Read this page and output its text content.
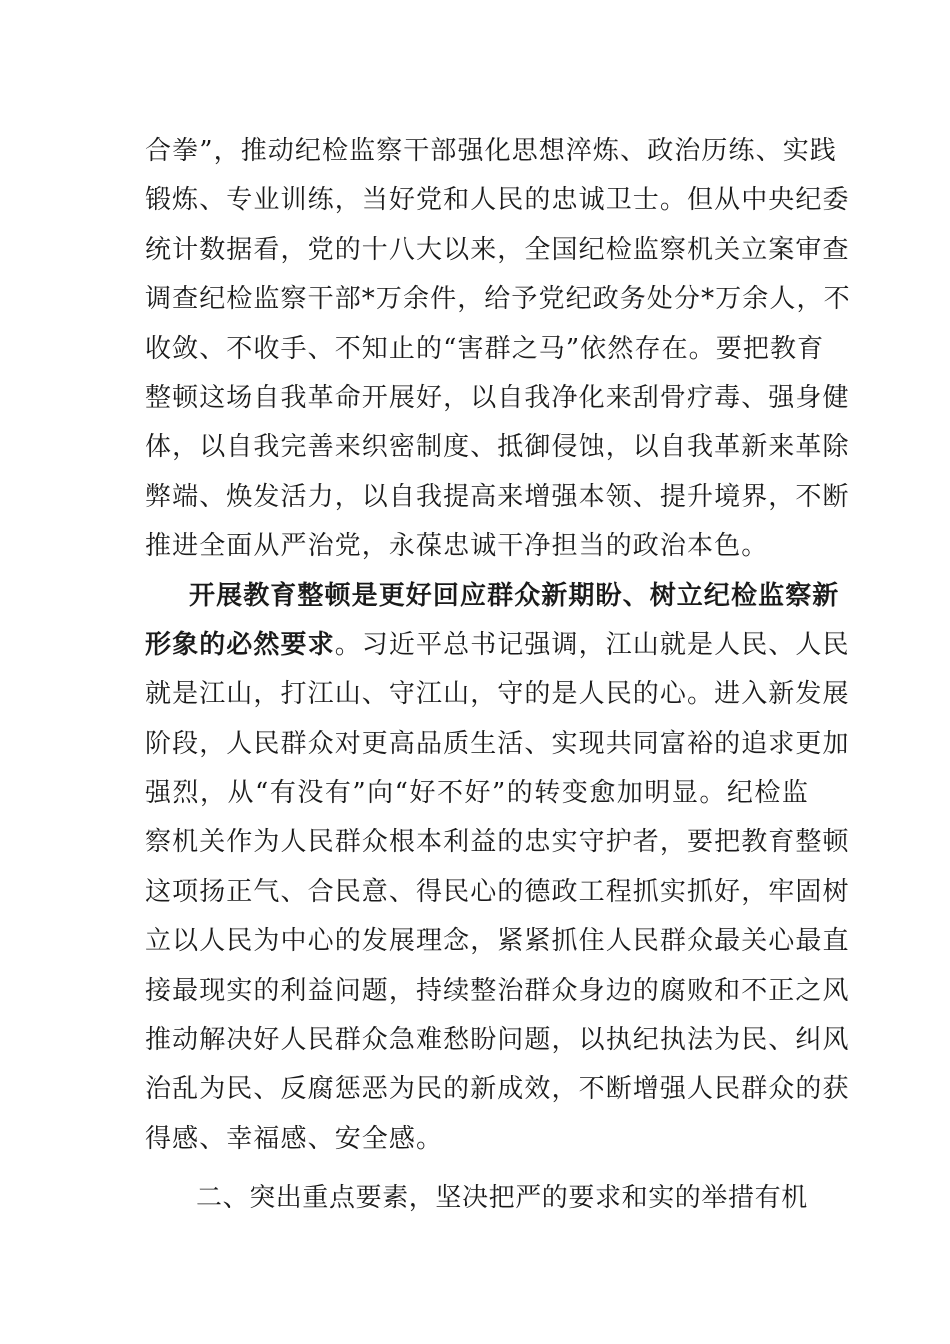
合拳”，推动纪检监察干部强化思想淬炼、政治历练、实践
锻炼、专业训练，当好党和人民的忠诚卫士。但从中央纪委
统计数据看，党的十八大以来，全国纪检监察机关立案审查
调查纪检监察干部*万余件，给予党纪政务处分*万余人，不
收敛、不收手、不知止的“害群之马”依然存在。要把教育
整顿这场自我革命开展好，以自我净化来刮骨疗毒、强身健
体，以自我完善来织密制度、抵御侵蚀，以自我革新来革除
弊端、焕发活力，以自我提高来增强本领、提升境界，不断
推进全面从严治党，永葆忠诚干净担当的政治本色。
开展教育整顿是更好回应群众新期盼、树立纪检监察新
形象的必然要求。习近平总书记强调，江山就是人民、人民
就是江山，打江山、守江山，守的是人民的心。进入新发展
阶段，人民群众对更高品质生活、实现共同富裕的追求更加
强烈，从“有没有”向“好不好”的转变愈加明显。纪检监
察机关作为人民群众根本利益的忠实守护者，要把教育整顿
这项扬正气、合民意、得民心的德政工程抓实抓好，牢固树
立以人民为中心的发展理念，紧紧抓住人民群众最关心最直
接最现实的利益问题，持续整治群众身边的腐败和不正之风
推动解决好人民群众急难愁盼问题，以执纪执法为民、纠风
治乱为民、反腐惩恶为民的新成效，不断增强人民群众的获
得感、幸福感、安全感。
二、突出重点要素，坚决把严的要求和实的举措有机
